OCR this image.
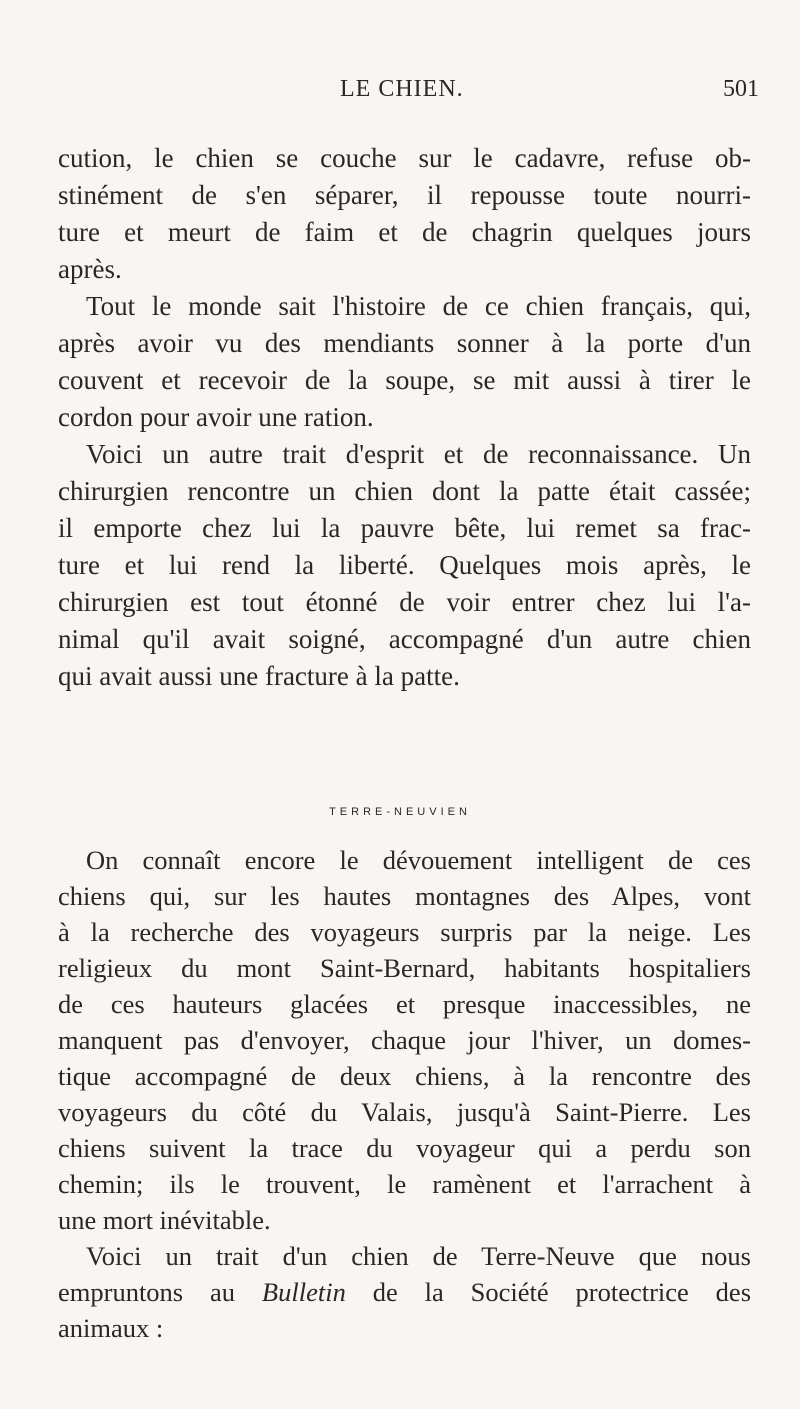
LE CHIEN.	501
cution, le chien se couche sur le cadavre, refuse ob-
stinément de s'en séparer, il repousse toute nourri-
ture et meurt de faim et de chagrin quelques jours
après.
Tout le monde sait l'histoire de ce chien français, qui,
après avoir vu des mendiants sonner à la porte d'un
couvent et recevoir de la soupe, se mit aussi à tirer le
cordon pour avoir une ration.
Voici un autre trait d'esprit et de reconnaissance. Un
chirurgien rencontre un chien dont la patte était cassée;
il emporte chez lui la pauvre bête, lui remet sa frac-
ture et lui rend la liberté. Quelques mois après, le
chirurgien est tout étonné de voir entrer chez lui l'a-
nimal qu'il avait soigné, accompagné d'un autre chien
qui avait aussi une fracture à la patte.
TERRE-NEUVIEN
On connaît encore le dévouement intelligent de ces
chiens qui, sur les hautes montagnes des Alpes, vont
à la recherche des voyageurs surpris par la neige. Les
religieux du mont Saint-Bernard, habitants hospitaliers
de ces hauteurs glacées et presque inaccessibles, ne
manquent pas d'envoyer, chaque jour l'hiver, un domes-
tique accompagné de deux chiens, à la rencontre des
voyageurs du côté du Valais, jusqu'à Saint-Pierre. Les
chiens suivent la trace du voyageur qui a perdu son
chemin; ils le trouvent, le ramènent et l'arrachent à
une mort inévitable.
Voici un trait d'un chien de Terre-Neuve que nous
empruntons au Bulletin de la Société protectrice des
animaux :
